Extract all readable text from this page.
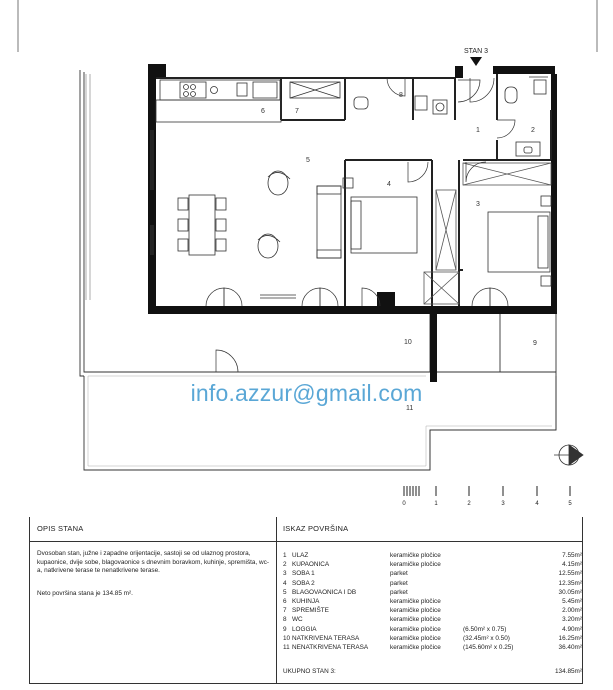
STAN 3
1	2
3
4
5
6	7
8
9
10
11
0	1	2	3	4	5
info.azzur@gmail.com
OPIS STANA
Dvosoban stan, južne i zapadne orijentacije, sastoji se od ulaznog prostora, kupaonice, dvije sobe, blagovaonice s dnevnim boravkom, kuhinje, spremišta, wc-a, natkrivene terase te nenatkrivene terase.
Neto površina stana je 134.85 m².
ISKAZ POVRŠINA
1 ULAZ	keramičke pločice	7.55m²
2 KUPAONICA	keramičke pločice	4.15m²
3 SOBA 1	parket	12.55m²
4 SOBA 2	parket	12.35m²
5 BLAGOVAONICA I DB	parket	30.05m²
6 KUHINJA	keramičke pločice	5.45m²
7 SPREMIŠTE	keramičke pločice	2.00m²
8 WC	keramičke pločice	3.20m²
9 LOGGIA	keramičke pločice	(6.50m² x 0.75)	4.90m²
10 NATKRIVENA TERASA	keramičke pločice	(32.45m² x 0.50)	16.25m²
11 NENATKRIVENA TERASA	keramičke pločice	(145.60m² x 0.25)	36.40m²
UKUPNO STAN 3:	134.85m²
